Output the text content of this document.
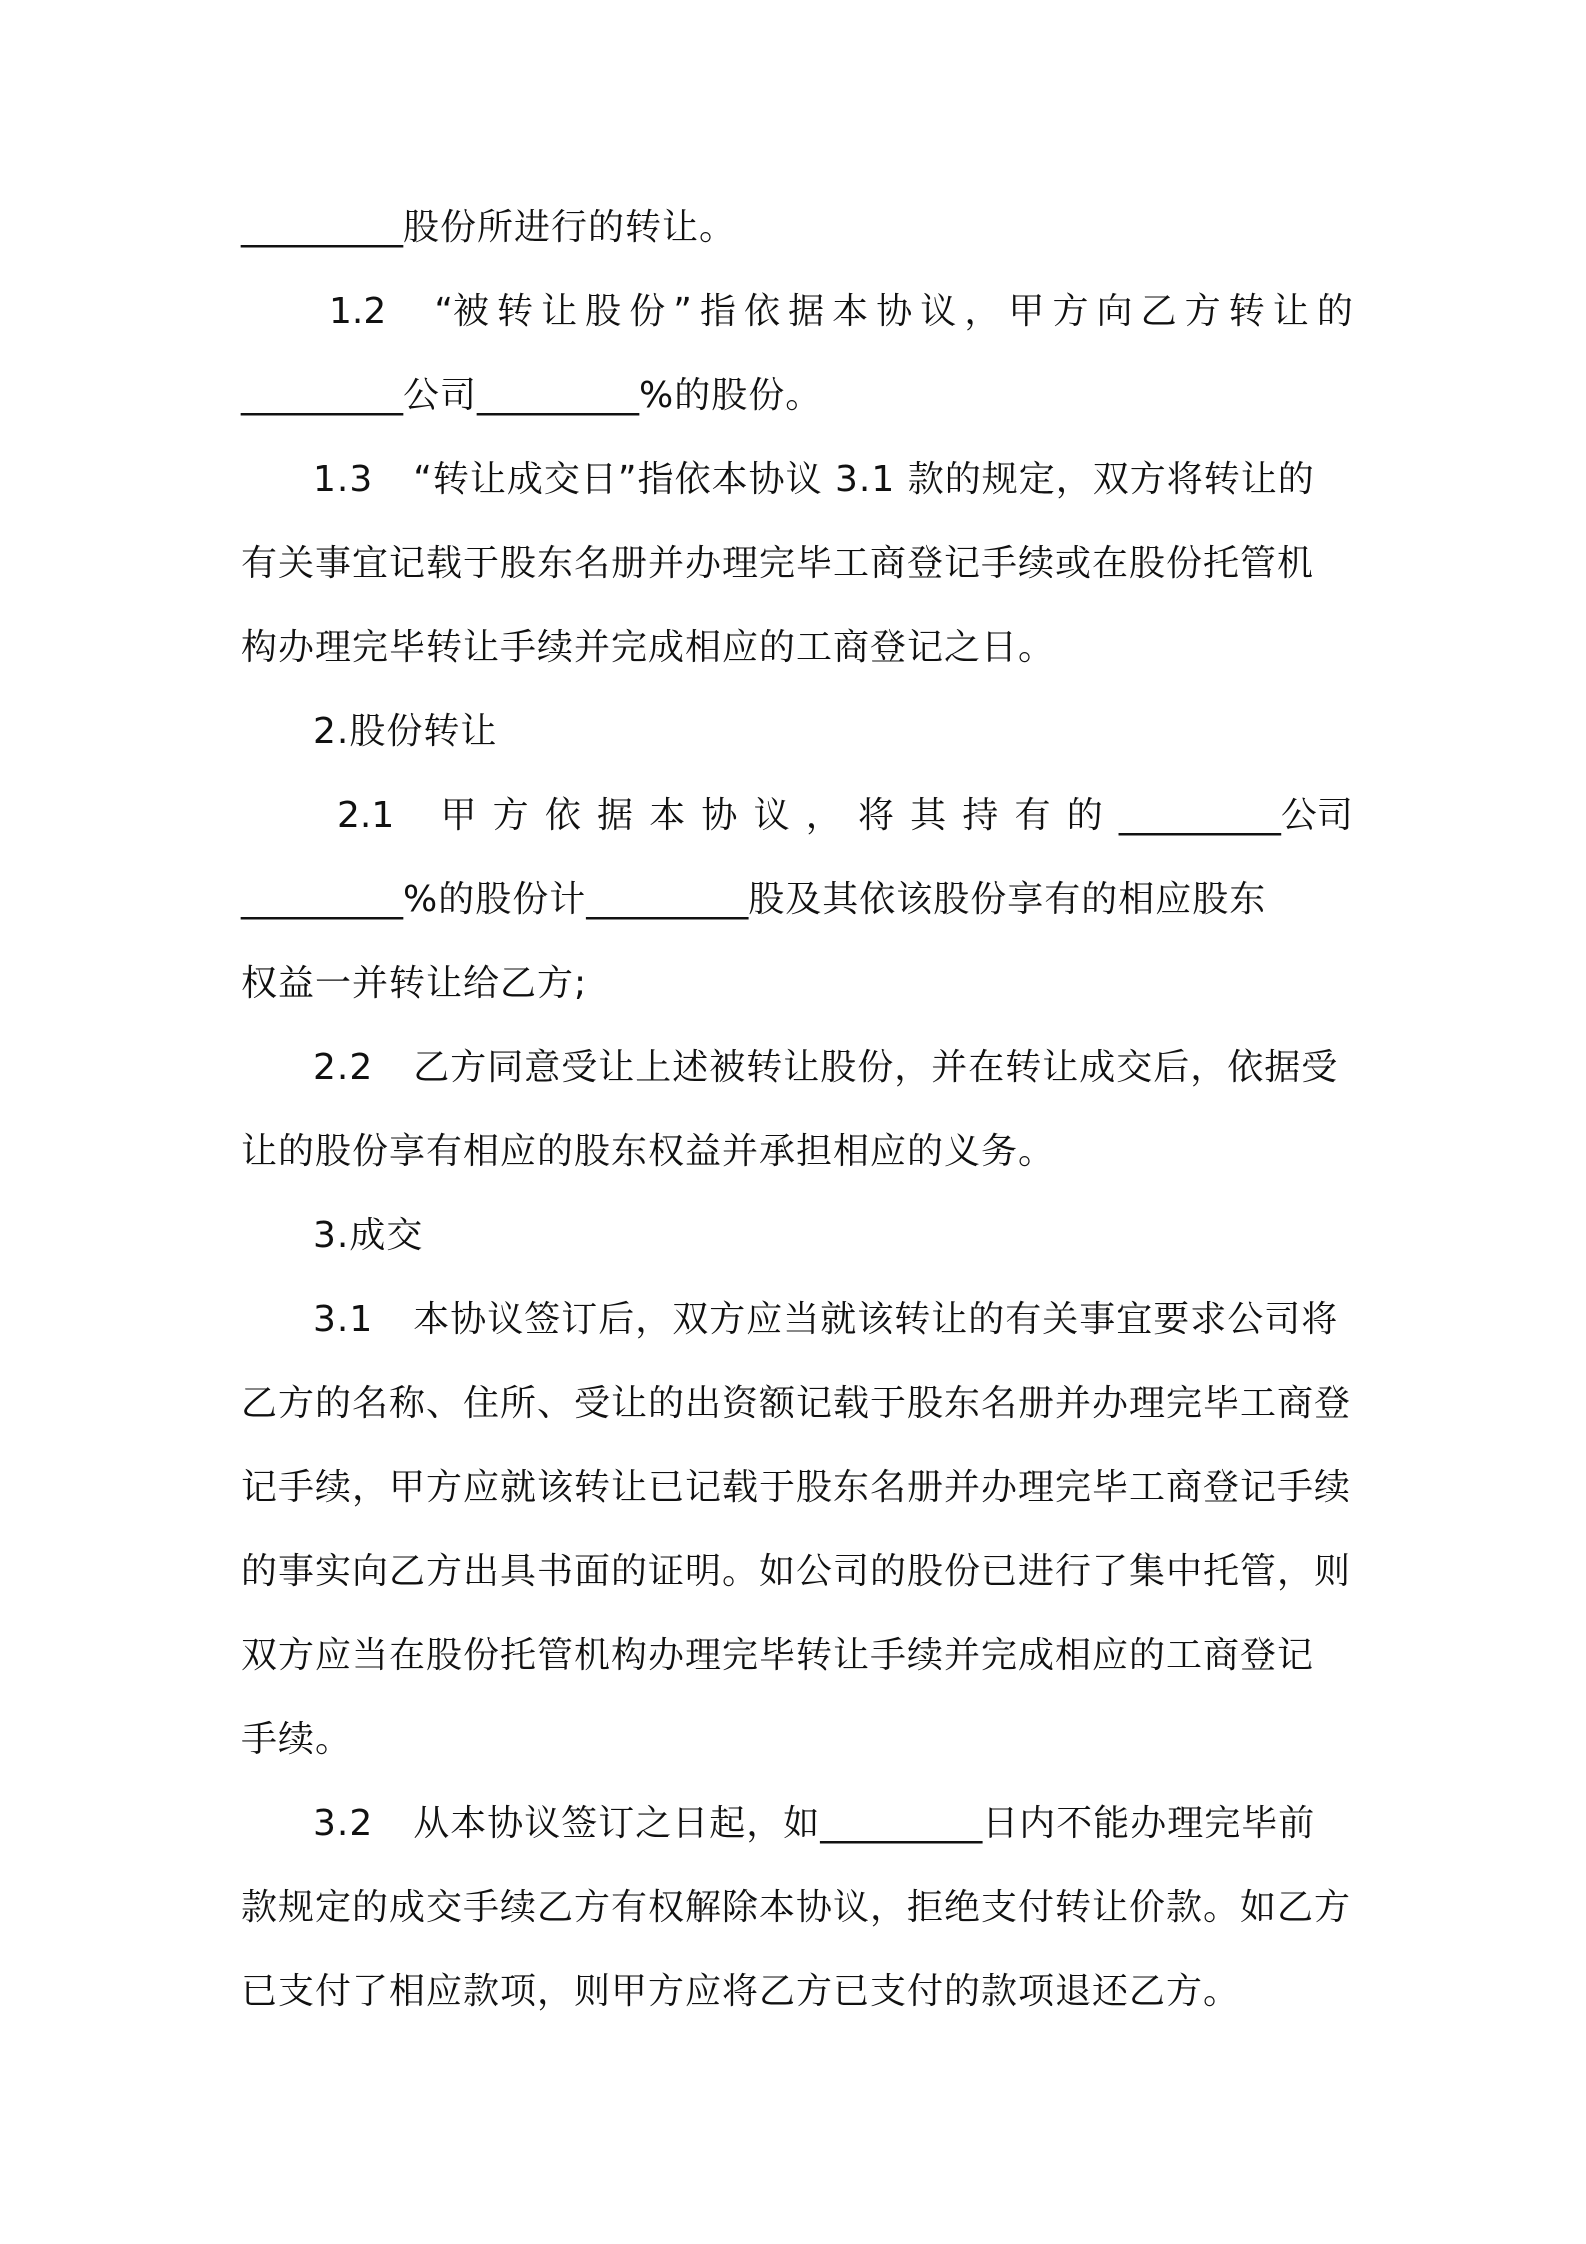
_________股份所进行的转让。
1.2 “被 转 让 股 份 ” 指 依 据 本 协 议 ， 甲 方 向 乙 方 转 让 的
_________公司_________%的股份。
1.3 “转让成交日”指依本协议 3.1 款的规定，双方将转让的
有关事宜记载于股东名册并办理完毕工商登记手续或在股份托管机
构办理完毕转让手续并完成相应的工商登记之日。
2.股份转让
2.1 甲 方 依 据 本 协 议 ， 将 其 持 有 的 _________公司
_________%的股份计_________股及其依该股份享有的相应股东
权益一并转让给乙方;
2.2 乙方同意受让上述被转让股份，并在转让成交后，依据受
让的股份享有相应的股东权益并承担相应的义务。
3.成交
3.1 本协议签订后，双方应当就该转让的有关事宜要求公司将
乙方的名称、住所、受让的出资额记载于股东名册并办理完毕工商登
记手续，甲方应就该转让已记载于股东名册并办理完毕工商登记手续
的事实向乙方出具书面的证明。如公司的股份已进行了集中托管，则
双方应当在股份托管机构办理完毕转让手续并完成相应的工商登记
手续。
3.2 从本协议签订之日起，如_________日内不能办理完毕前
款规定的成交手续乙方有权解除本协议，拒绝支付转让价款。如乙方
已支付了相应款项，则甲方应将乙方已支付的款项退还乙方。
